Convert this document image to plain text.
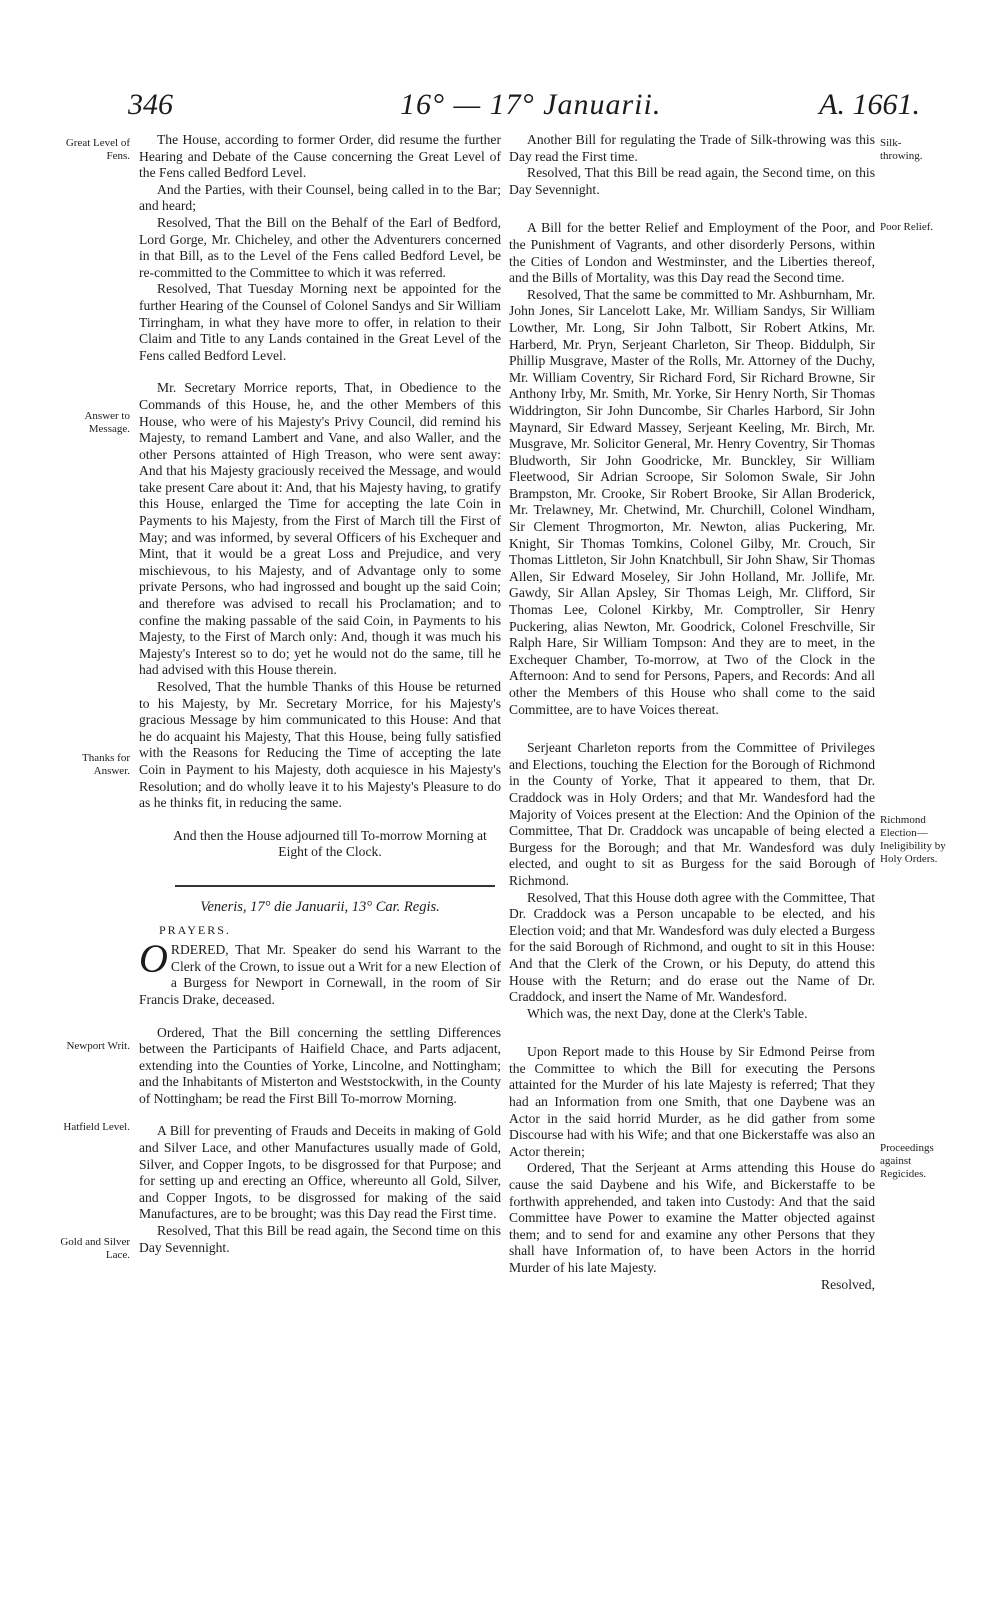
346	16° — 17° Januarii.	A. 1661.
Great Level of Fens.
Answer to Message.
Thanks for Answer.
Newport Writ.
Hatfield Level.
Gold and Silver Lace.
Silk-throwing.
Poor Relief.
Richmond Election—Ineligibility by Holy Orders.
Proceedings against Regicides.

The House, according to former Order, did resume the further Hearing and Debate of the Cause concerning the Great Level of the Fens called Bedford Level.

And the Parties, with their Counsel, being called in to the Bar; and heard;

Resolved, That the Bill on the Behalf of the Earl of Bedford, Lord Gorge, Mr. Chicheley, and other the Adventurers concerned in that Bill, as to the Level of the Fens called Bedford Level, be re-committed to the Committee to which it was referred.

Resolved, That Tuesday Morning next be appointed for the further Hearing of the Counsel of Colonel Sandys and Sir William Tirringham, in what they have more to offer, in relation to their Claim and Title to any Lands contained in the Great Level of the Fens called Bedford Level.

Mr. Secretary Morrice reports, That, in Obedience to the Commands of this House, he, and the other Members of this House, who were of his Majesty's Privy Council, did remind his Majesty, to remand Lambert and Vane, and also Waller, and the other Persons attainted of High Treason, who were sent away: And that his Majesty graciously received the Message, and would take present Care about it: And, that his Majesty having, to gratify this House, enlarged the Time for accepting the late Coin in Payments to his Majesty, from the First of March till the First of May; and was informed, by several Officers of his Exchequer and Mint, that it would be a great Loss and Prejudice, and very mischievous, to his Majesty, and of Advantage only to some private Persons, who had ingrossed and bought up the said Coin; and therefore was advised to recall his Proclamation; and to confine the making passable of the said Coin, in Payments to his Majesty, to the First of March only: And, though it was much his Majesty's Interest so to do; yet he would not do the same, till he had advised with this House therein.

Resolved, That the humble Thanks of this House be returned to his Majesty, by Mr. Secretary Morrice, for his Majesty's gracious Message by him communicated to this House: And that he do acquaint his Majesty, That this House, being fully satisfied with the Reasons for Reducing the Time of accepting the late Coin in Payment to his Majesty, doth acquiesce in his Majesty's Resolution; and do wholly leave it to his Majesty's Pleasure to do as he thinks fit, in reducing the same.

And then the House adjourned till To-morrow Morning at Eight of the Clock.

Veneris, 17° die Januarii, 13° Car. Regis.
PRAYERS.

ORDERED, That Mr. Speaker do send his Warrant to the Clerk of the Crown, to issue out a Writ for a new Election of a Burgess for Newport in Cornewall, in the room of Sir Francis Drake, deceased.

Ordered, That the Bill concerning the settling Differences between the Participants of Haifield Chace, and Parts adjacent, extending into the Counties of Yorke, Lincolne, and Nottingham; and the Inhabitants of Misterton and Weststockwith, in the County of Nottingham; be read the First Bill To-morrow Morning.

A Bill for preventing of Frauds and Deceits in making of Gold and Silver Lace, and other Manufactures usually made of Gold, Silver, and Copper Ingots, to be disgrossed for that Purpose; and for setting up and erecting an Office, whereunto all Gold, Silver, and Copper Ingots, to be disgrossed for making of the said Manufactures, are to be brought; was this Day read the First time.

Resolved, That this Bill be read again, the Second time on this Day Sevennight.

Another Bill for regulating the Trade of Silk-throwing was this Day read the First time.

Resolved, That this Bill be read again, the Second time, on this Day Sevennight.

A Bill for the better Relief and Employment of the Poor, and the Punishment of Vagrants, and other disorderly Persons, within the Cities of London and Westminster, and the Liberties thereof, and the Bills of Mortality, was this Day read the Second time.

Resolved, That the same be committed to Mr. Ashburnham, Mr. John Jones, Sir Lancelott Lake, Mr. William Sandys, Sir William Lowther, Mr. Long, Sir John Talbott, Sir Robert Atkins, Mr. Harberd, Mr. Pryn, Serjeant Charleton, Sir Theop. Biddulph, Sir Phillip Musgrave, Master of the Rolls, Mr. Attorney of the Duchy, Mr. William Coventry, Sir Richard Ford, Sir Richard Browne, Sir Anthony Irby, Mr. Smith, Mr. Yorke, Sir Henry North, Sir Thomas Widdrington, Sir John Duncombe, Sir Charles Harbord, Sir John Maynard, Sir Edward Massey, Serjeant Keeling, Mr. Birch, Mr. Musgrave, Mr. Solicitor General, Mr. Henry Coventry, Sir Thomas Bludworth, Sir John Goodricke, Mr. Bunckley, Sir William Fleetwood, Sir Adrian Scroope, Sir Solomon Swale, Sir John Brampston, Mr. Crooke, Sir Robert Brooke, Sir Allan Broderick, Mr. Trelawney, Mr. Chetwind, Mr. Churchill, Colonel Windham, Sir Clement Throgmorton, Mr. Newton, alias Puckering, Mr. Knight, Sir Thomas Tomkins, Colonel Gilby, Mr. Crouch, Sir Thomas Littleton, Sir John Knatchbull, Sir John Shaw, Sir Thomas Allen, Sir Edward Moseley, Sir John Holland, Mr. Jollife, Mr. Gawdy, Sir Allan Apsley, Sir Thomas Leigh, Mr. Clifford, Sir Thomas Lee, Colonel Kirkby, Mr. Comptroller, Sir Henry Puckering, alias Newton, Mr. Goodrick, Colonel Freschville, Sir Ralph Hare, Sir William Tompson: And they are to meet, in the Exchequer Chamber, To-morrow, at Two of the Clock in the Afternoon: And to send for Persons, Papers, and Records: And all other the Members of this House who shall come to the said Committee, are to have Voices thereat.

Serjeant Charleton reports from the Committee of Privileges and Elections, touching the Election for the Borough of Richmond in the County of Yorke, That it appeared to them, that Dr. Craddock was in Holy Orders; and that Mr. Wandesford had the Majority of Voices present at the Election: And the Opinion of the Committee, That Dr. Craddock was uncapable of being elected a Burgess for the Borough; and that Mr. Wandesford was duly elected, and ought to sit as Burgess for the said Borough of Richmond.

Resolved, That this House doth agree with the Committee, That Dr. Craddock was a Person uncapable to be elected, and his Election void; and that Mr. Wandesford was duly elected a Burgess for the said Borough of Richmond, and ought to sit in this House: And that the Clerk of the Crown, or his Deputy, do attend this House with the Return; and do erase out the Name of Dr. Craddock, and insert the Name of Mr. Wandesford.

Which was, the next Day, done at the Clerk's Table.

Upon Report made to this House by Sir Edmond Peirse from the Committee to which the Bill for executing the Persons attainted for the Murder of his late Majesty is referred; That they had an Information from one Smith, that one Daybene was an Actor in the said horrid Murder, as he did gather from some Discourse had with his Wife; and that one Bickerstaffe was also an Actor therein;

Ordered, That the Serjeant at Arms attending this House do cause the said Daybene and his Wife, and Bickerstaffe to be forthwith apprehended, and taken into Custody: And that the said Committee have Power to examine the Matter objected against them; and to send for and examine any other Persons that they shall have Information of, to have been Actors in the horrid Murder of his late Majesty.

Resolved,
